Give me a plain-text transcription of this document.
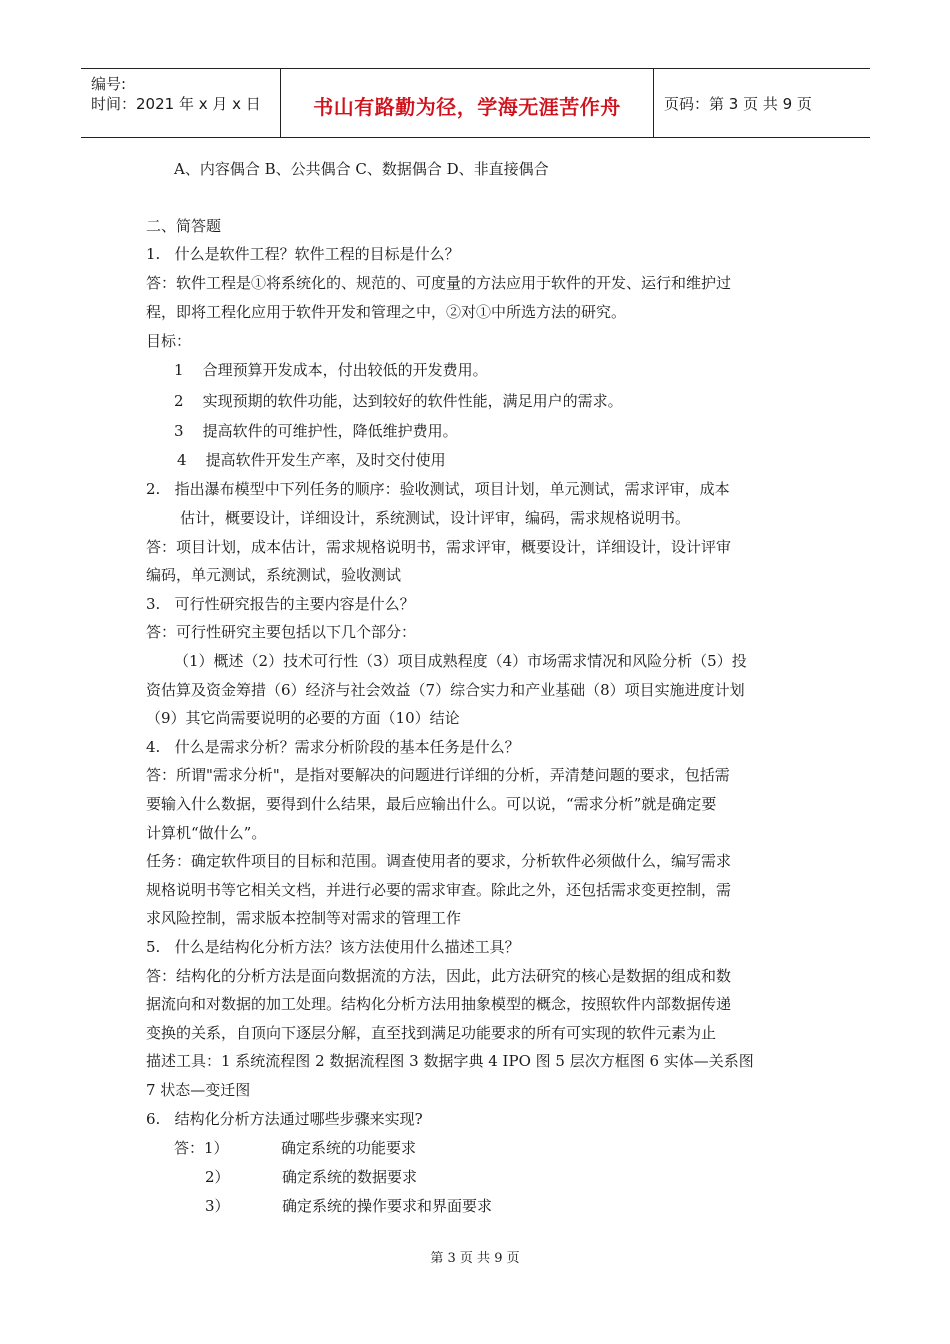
编号:
时间：2021 年 x 月 x 日	书山有路勤为径，学海无涯苦作舟	页码：第 3 页 共 9 页
A、内容偶合 B、公共偶合 C、数据偶合 D、非直接偶合
二、简答题
1.   什么是软件工程？软件工程的目标是什么？
答：软件工程是①将系统化的、规范的、可度量的方法应用于软件的开发、运行和维护过
程，即将工程化应用于软件开发和管理之中，②对①中所选方法的研究。
目标：
1    合理预算开发成本，付出较低的开发费用。
2    实现预期的软件功能，达到较好的软件性能，满足用户的需求。
3    提高软件的可维护性，降低维护费用。
4    提高软件开发生产率，及时交付使用
2.   指出瀑布模型中下列任务的顺序：验收测试，项目计划，单元测试，需求评审，成本
估计，概要设计，详细设计，系统测试，设计评审，编码，需求规格说明书。
答：项目计划，成本估计，需求规格说明书，需求评审，概要设计，详细设计，设计评审
编码，单元测试，系统测试，验收测试
3.   可行性研究报告的主要内容是什么？
答：可行性研究主要包括以下几个部分：
（1）概述（2）技术可行性（3）项目成熟程度（4）市场需求情况和风险分析（5）投
资估算及资金筹措（6）经济与社会效益（7）综合实力和产业基础（8）项目实施进度计划
（9）其它尚需要说明的必要的方面（10）结论
4.   什么是需求分析？需求分析阶段的基本任务是什么？
答：所谓"需求分析"，是指对要解决的问题进行详细的分析，弄清楚问题的要求，包括需
要输入什么数据，要得到什么结果，最后应输出什么。可以说，“需求分析”就是确定要
计算机“做什么”。
任务：确定软件项目的目标和范围。调查使用者的要求，分析软件必须做什么，编写需求
规格说明书等它相关文档，并进行必要的需求审查。除此之外，还包括需求变更控制，需
求风险控制，需求版本控制等对需求的管理工作
5.   什么是结构化分析方法？该方法使用什么描述工具？
答：结构化的分析方法是面向数据流的方法，因此，此方法研究的核心是数据的组成和数
据流向和对数据的加工处理。结构化分析方法用抽象模型的概念，按照软件内部数据传递
变换的关系，自顶向下逐层分解，直至找到满足功能要求的所有可实现的软件元素为止
描述工具：1 系统流程图 2 数据流程图 3 数据字典 4 IPO 图 5 层次方框图 6 实体—关系图
7 状态—变迁图
6.   结构化分析方法通过哪些步骤来实现?
答：1）           确定系统的功能要求
2）           确定系统的数据要求
3）           确定系统的操作要求和界面要求
第 3 页 共 9 页
